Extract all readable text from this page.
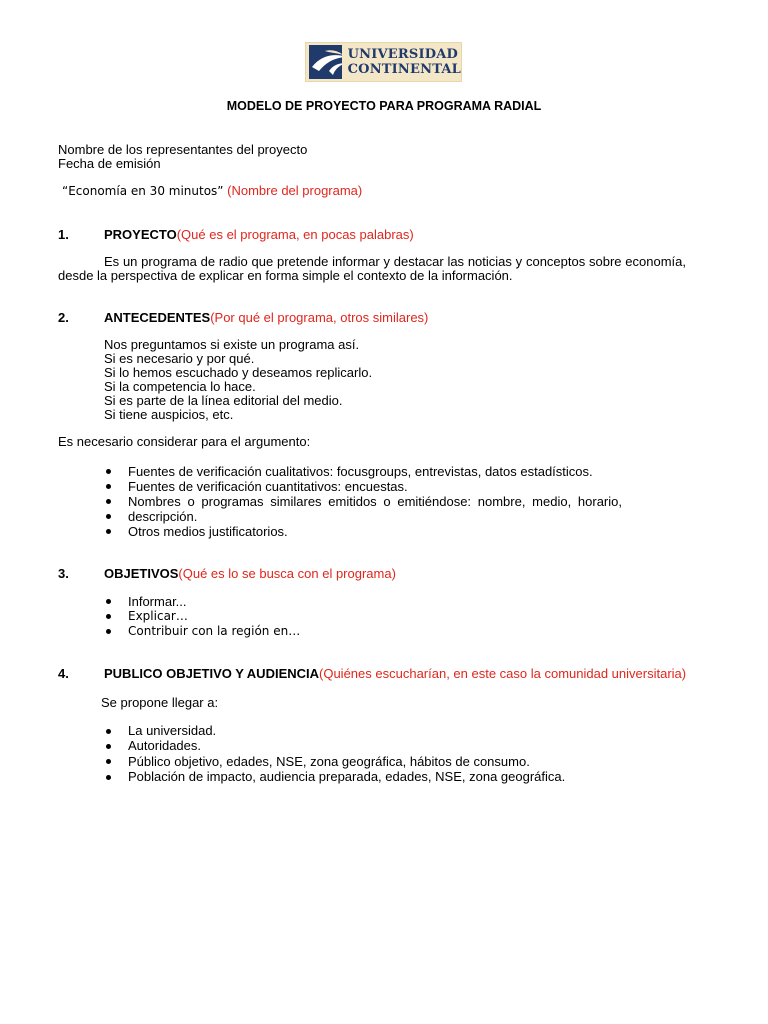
UNIVERSIDAD
CONTINENTAL
MODELO DE PROYECTO PARA PROGRAMA RADIAL
Nombre de los representantes del proyecto
Fecha de emisión
“Economía en 30 minutos” (Nombre del programa)
1.	PROYECTO(Qué es el programa, en pocas palabras)
Es un programa de radio que pretende informar y destacar las noticias y conceptos sobre economía,
desde la perspectiva de explicar en forma simple el contexto de la información.
2.	ANTECEDENTES(Por qué el programa, otros similares)
Nos preguntamos si existe un programa así.
Si es necesario y por qué.
Si lo hemos escuchado y deseamos replicarlo.
Si la competencia lo hace.
Si es parte de la línea editorial del medio.
Si tiene auspicios, etc.
Es necesario considerar para el argumento:
Fuentes de verificación cualitativos: focusgroups, entrevistas, datos estadísticos.
Fuentes de verificación cuantitativos: encuestas.
Nombres o programas similares emitidos o emitiéndose: nombre, medio, horario,
descripción.
Otros medios justificatorios.
3.	OBJETIVOS(Qué es lo se busca con el programa)
Informar...
Explicar…
Contribuir con la región en…
4.	PUBLICO OBJETIVO Y AUDIENCIA(Quiénes escucharían, en este caso la comunidad universitaria)
Se propone llegar a:
La universidad.
Autoridades.
Público objetivo, edades, NSE, zona geográfica, hábitos de consumo.
Población de impacto, audiencia preparada, edades, NSE, zona geográfica.
